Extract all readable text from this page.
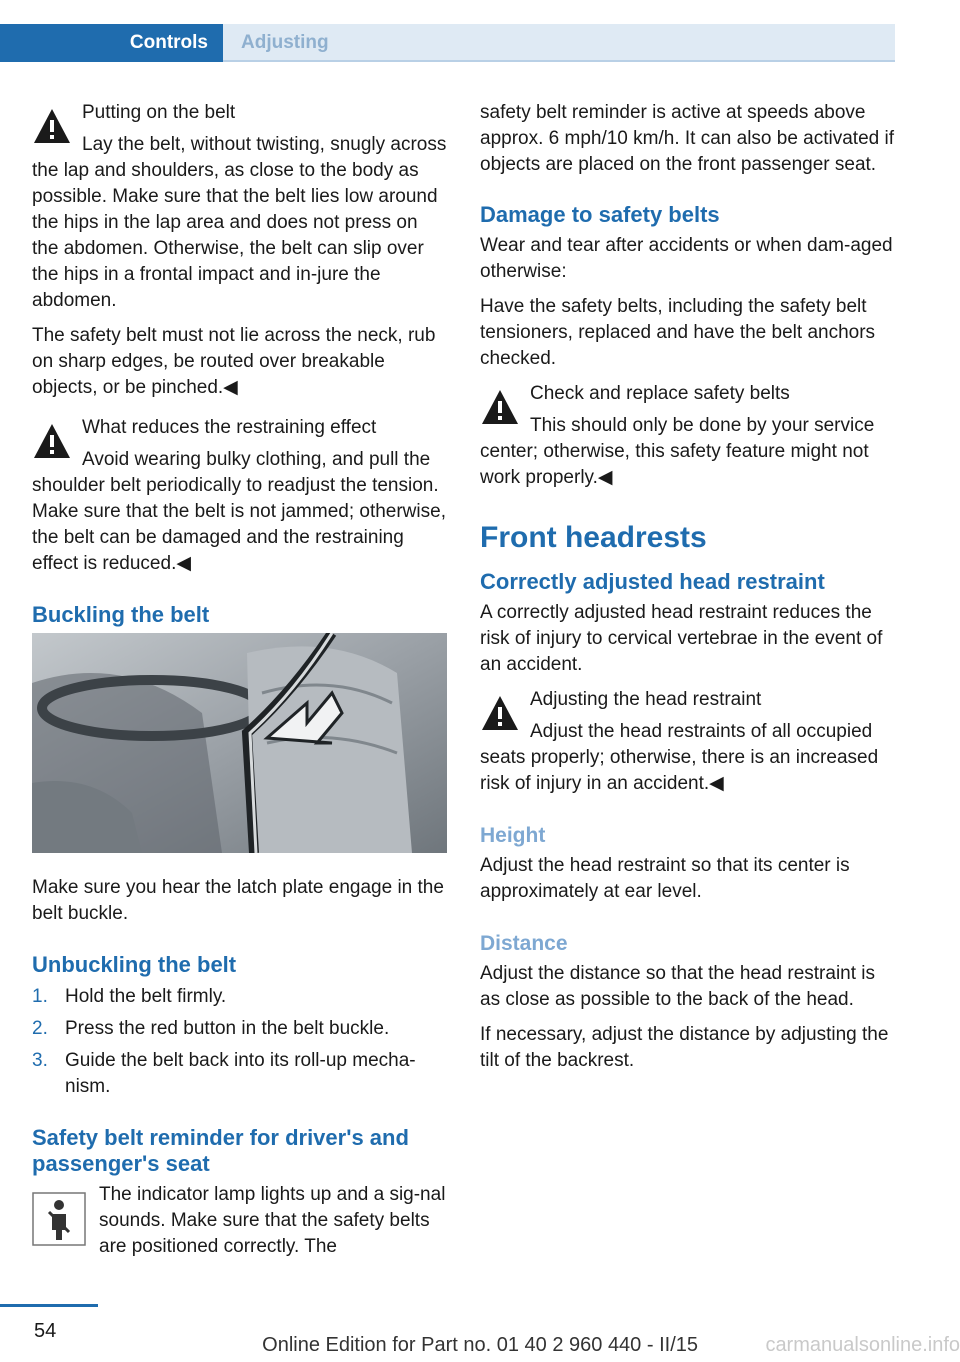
Controls	Adjusting

Putting on the belt

Lay the belt, without twisting, snugly across the lap and shoulders, as close to the body as possible. Make sure that the belt lies low around the hips in the lap area and does not press on the abdomen. Otherwise, the belt can slip over the hips in a frontal impact and in‐jure the abdomen.

The safety belt must not lie across the neck, rub on sharp edges, be routed over breakable objects, or be pinched.◀

What reduces the restraining effect

Avoid wearing bulky clothing, and pull the shoulder belt periodically to readjust the tension. Make sure that the belt is not jammed; otherwise, the belt can be damaged and the restraining effect is reduced.◀

Buckling the belt

Make sure you hear the latch plate engage in the belt buckle.

Unbuckling the belt
1. Hold the belt firmly.
2. Press the red button in the belt buckle.
3. Guide the belt back into its roll-up mecha‐nism.
Safety belt reminder for driver's and passenger's seat

The indicator lamp lights up and a sig‐nal sounds. Make sure that the safety belts are positioned correctly. The

safety belt reminder is active at speeds above approx. 6 mph/10 km/h. It can also be activated if objects are placed on the front passenger seat.

Damage to safety belts

Wear and tear after accidents or when dam‐aged otherwise:

Have the safety belts, including the safety belt tensioners, replaced and have the belt anchors checked.

Check and replace safety belts

This should only be done by your service center; otherwise, this safety feature might not work properly.◀

Front headrests
Correctly adjusted head restraint

A correctly adjusted head restraint reduces the risk of injury to cervical vertebrae in the event of an accident.

Adjusting the head restraint

Adjust the head restraints of all occupied seats properly; otherwise, there is an increased risk of injury in an accident.◀

Height

Adjust the head restraint so that its center is approximately at ear level.

Distance

Adjust the distance so that the head restraint is as close as possible to the back of the head.

If necessary, adjust the distance by adjusting the tilt of the backrest.

54
Online Edition for Part no. 01 40 2 960 440 - II/15	carmanualsonline.info
